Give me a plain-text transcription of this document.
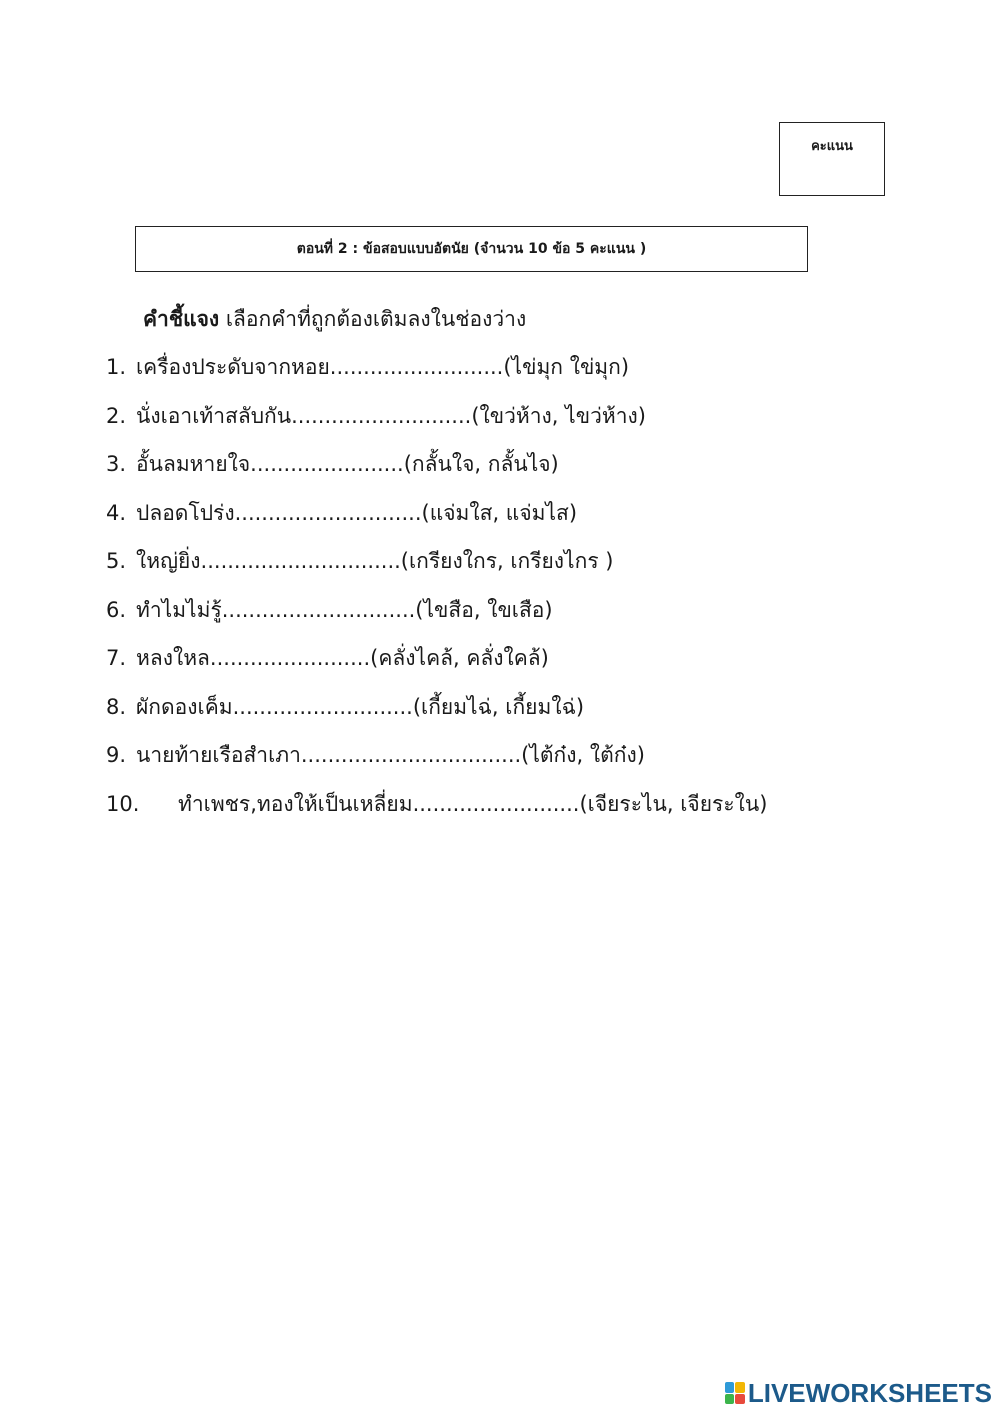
คะแนน
ตอนที่ 2 : ข้อสอบแบบอัตนัย (จำนวน 10 ข้อ 5 คะแนน )
คำชี้แจง เลือกคำที่ถูกต้องเติมลงในช่องว่าง
1. เครื่องประดับจากหอย..........................(ไข่มุก ใข่มุก)
2. นั่งเอาเท้าสลับกัน...........................(ใขว่ห้าง, ไขว่ห้าง)
3. อั้นลมหายใจ.......................(กลั้นใจ, กลั้นไจ)
4. ปลอดโปร่ง............................(แจ่มใส, แจ่มไส)
5. ใหญ่ยิ่ง..............................(เกรียงใกร, เกรียงไกร )
6. ทำไมไม่รู้.............................(ไขสือ, ใขเสือ)
7. หลงใหล........................(คลั่งไคล้, คลั่งใคล้)
8. ผักดองเค็ม...........................(เกี้ยมไฉ่, เกี้ยมใฉ่)
9. นายท้ายเรือสำเภา.................................(ไต้ก๋ง, ใต้ก๋ง)
10.	ทำเพชร,ทองให้เป็นเหลี่ยม.........................(เจียระไน, เจียระใน)
LIVEWORKSHEETS
